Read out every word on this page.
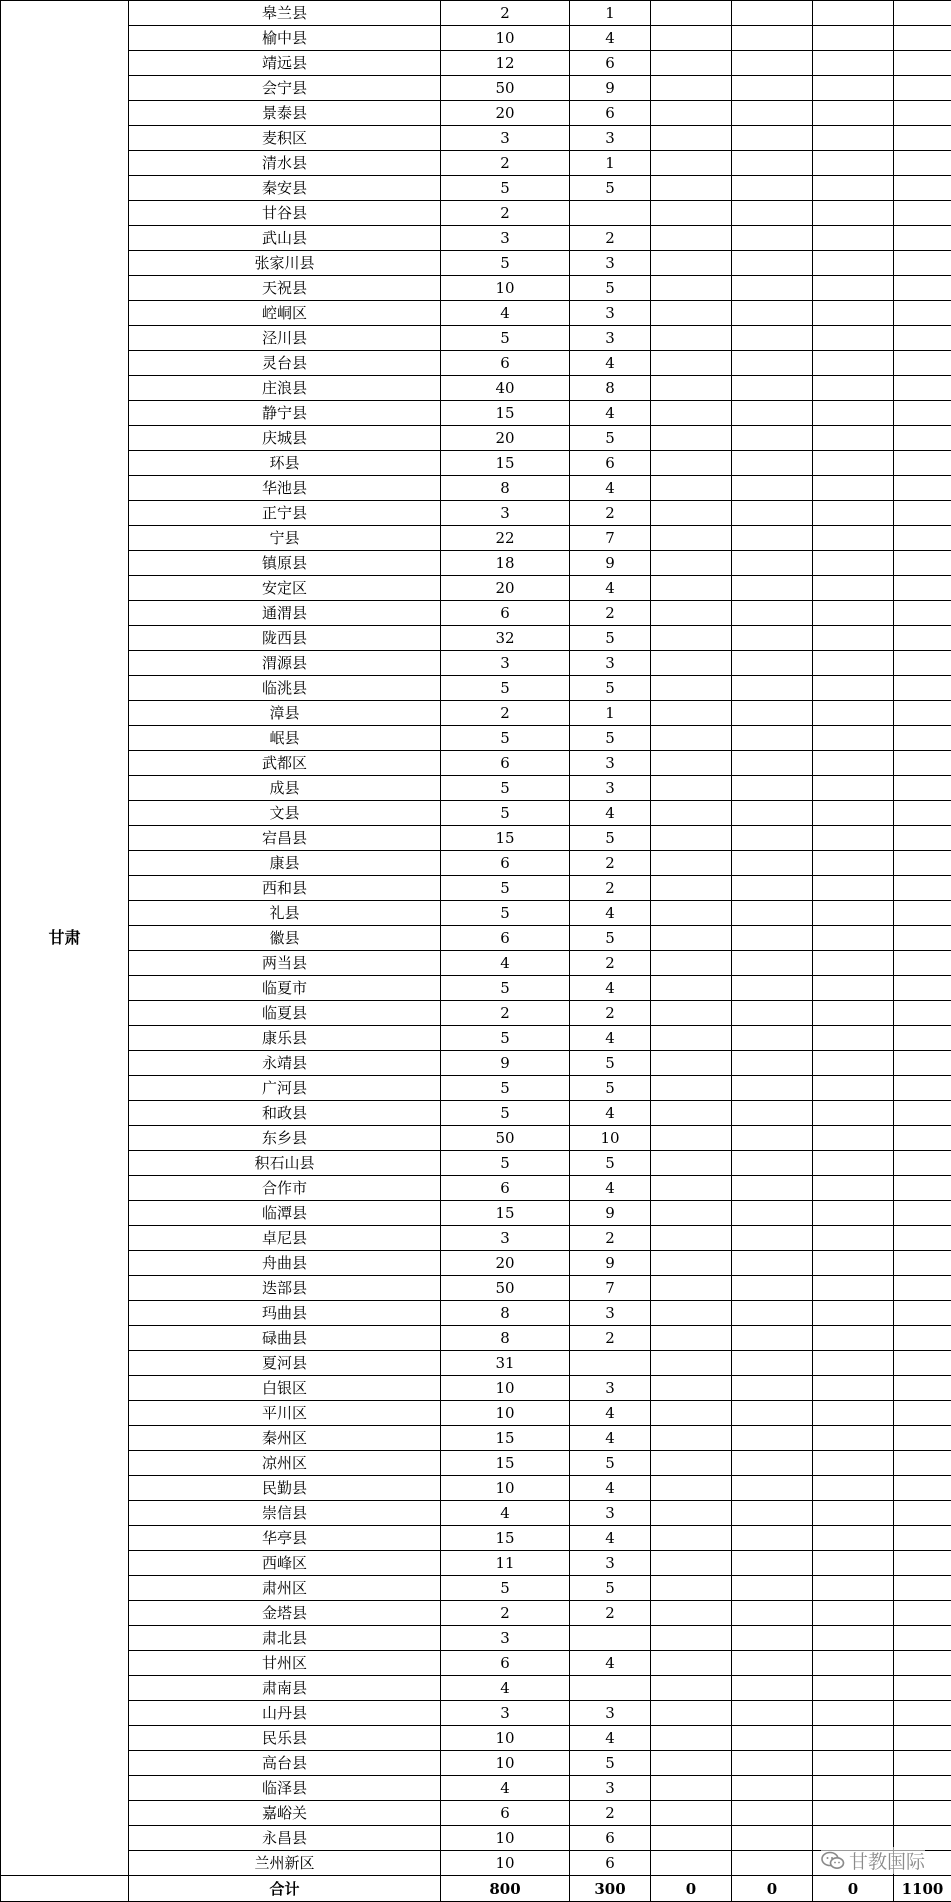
甘肃	皋兰县	2	1				
	榆中县	10	4				
	靖远县	12	6				
	会宁县	50	9				
	景泰县	20	6				
	麦积区	3	3				
	清水县	2	1				
	秦安县	5	5				
	甘谷县	2					
	武山县	3	2				
	张家川县	5	3				
	天祝县	10	5				
	崆峒区	4	3				
	泾川县	5	3				
	灵台县	6	4				
	庄浪县	40	8				
	静宁县	15	4				
	庆城县	20	5				
	环县	15	6				
	华池县	8	4				
	正宁县	3	2				
	宁县	22	7				
	镇原县	18	9				
	安定区	20	4				
	通渭县	6	2				
	陇西县	32	5				
	渭源县	3	3				
	临洮县	5	5				
	漳县	2	1				
	岷县	5	5				
	武都区	6	3				
	成县	5	3				
	文县	5	4				
	宕昌县	15	5				
	康县	6	2				
	西和县	5	2				
	礼县	5	4				
	徽县	6	5				
	两当县	4	2				
	临夏市	5	4				
	临夏县	2	2				
	康乐县	5	4				
	永靖县	9	5				
	广河县	5	5				
	和政县	5	4				
	东乡县	50	10				
	积石山县	5	5				
	合作市	6	4				
	临潭县	15	9				
	卓尼县	3	2				
	舟曲县	20	9				
	迭部县	50	7				
	玛曲县	8	3				
	碌曲县	8	2				
	夏河县	31					
	白银区	10	3				
	平川区	10	4				
	秦州区	15	4				
	凉州区	15	5				
	民勤县	10	4				
	崇信县	4	3				
	华亭县	15	4				
	西峰区	11	3				
	肃州区	5	5				
	金塔县	2	2				
	肃北县	3					
	甘州区	6	4				
	肃南县	4					
	山丹县	3	3				
	民乐县	10	4				
	高台县	10	5				
	临泽县	4	3				
	嘉峪关	6	2				
	永昌县	10	6				
	兰州新区	10	6				
	合计	800	300	0	0	0	1100
甘教国际
